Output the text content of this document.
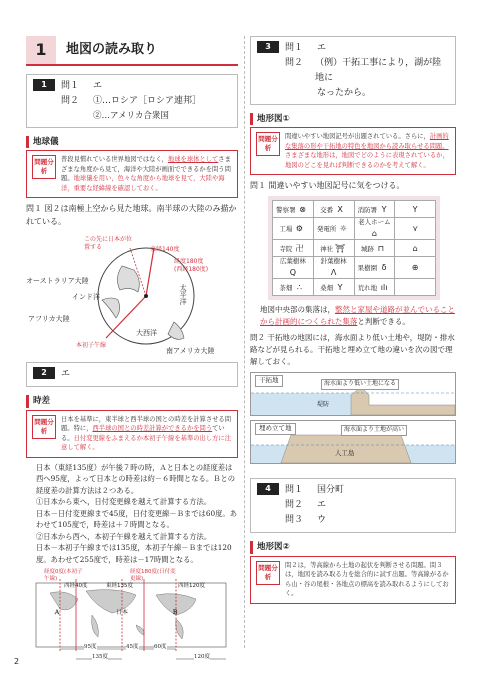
1	地図の読み取り
1	問１	エ
問２	①…ロシア［ロシア連邦］
②…アメリカ合衆国
地球儀
問題分析
普段見慣れている世界地図ではなく，地球を球体としてさまざまな角度から見て，海洋や大陸が画面でできるかを問う問題。地球儀を用い，色々な角度から地球を見て，大陸や海洋，重要な経緯線を確認しておく。
問１ 図２は南極上空から見た地球。南半球の大陸のみ描かれている。
この先に日本が位置する	東経140度
経度180度
(西経180度)
オーストラリア大陸
インド洋	太平洋
アフリカ大陸
大西洋
本初子午線
南アメリカ大陸
2	エ
時差
問題分析
日本を基準に，東半球と西半球の国との時差を計算させる問題。特に，西半球の国との時差計算ができるかを問うている。日付変更線をふまえるか本初子午線を基準の出し方に注意して解く。
日本（東経135度）が午後７時の時，Ａと日本との経度差は西へ95度，よって日本との時差は約－６時間となる。Ｂとの経度差の計算方法は２つある。
①日本から東へ，日付変更線を越えて計算する方法。
日本－日付変更線まで45度，日付変更線－Ｂまでは60度。あわせて105度で，時差は＋７時間となる。
②日本から西へ，本初子午線を越えて計算する方法。
日本－本初子午線までは135度，本初子午線－Ｂまでは120度。あわせて255度で，時差は－17時間となる。
経度0度(本初子午線)
経度180度(日付変更線)
西経40度	東経135度	西経120度
Ａ	日本	Ｂ
95度	45度	60度
135度	120度
3	問１	エ
問２	（例）干拓工事により，湖が陸地に
なったから。
地形図①
問題分析
間違いやすい地図記号が出題されている。さらに，計画的な集落の形や干拓地の特色を地図から読み取らせる問題。さまざまな地形は，地図でどのように表現されているか，地図のどこを見れば判断できるのかを考えて解く。
問１ 間違いやすい地図記号に気をつける。
警察署 ⊗	交番 X	消防署 Y	Y
工場 ⚙	発電所 ☼	老人ホーム⌂	⋎
寺院 卍	神社 ⛩	城跡 ⊓	⌂
広葉樹林Q	針葉樹林Λ	果樹園 δ	⊕
茶畑 ∴	桑畑 Y	荒れ地 ılı	
地図中央部の集落は，整然と家屋や道路が並んでいることから計画的につくられた集落と判断できる。
問２ 干拓地の地図には，海水面より低い土地や，堤防・排水路などが見られる。干拓地と埋め立て地の違いを次の図で理解しておく。
干拓地	海水面より低い土地になる
堤防
埋め立て地	海水面より土地が高い
人工島
4	問１	国分町
問２	エ
問３	ウ
地形図②
問題分析
問２は，等高線から土地の起伏を判断させる問題。問３は，地図を読み取る力を総合的に試す出題。等高線がるから山・谷の尾根・各地点の標高を読み取れるようにしておく。
2
